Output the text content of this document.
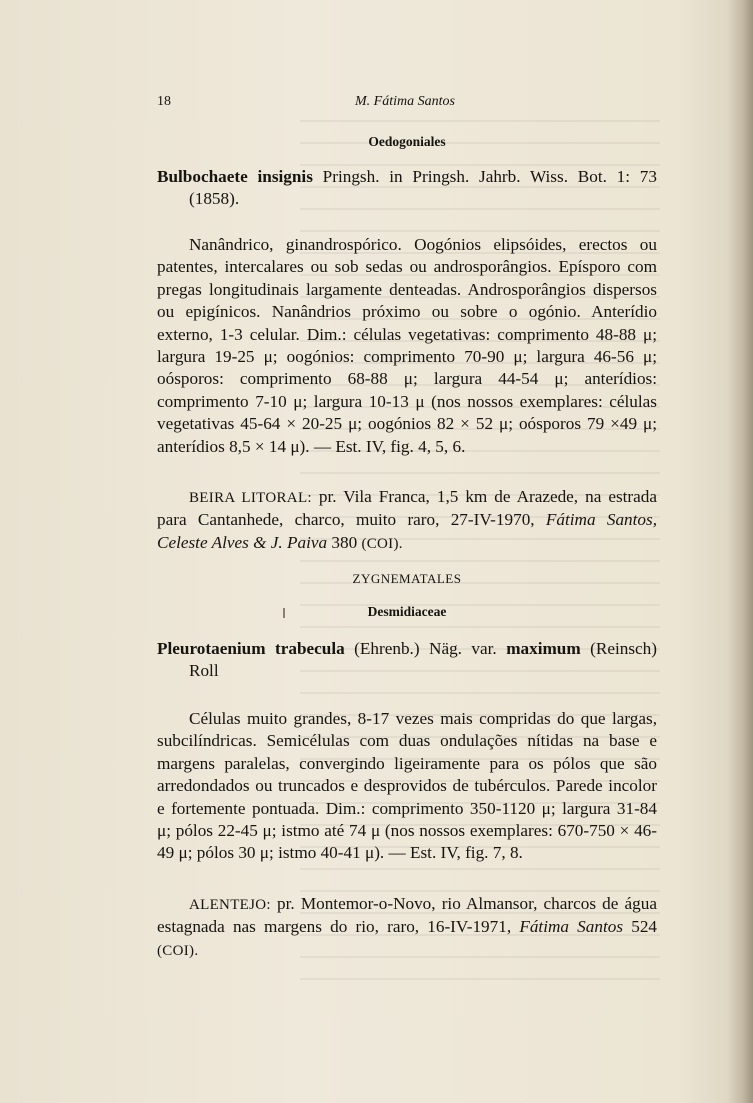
18	M. Fátima Santos
Oedogoniales
Bulbochaete insignis Pringsh. in Pringsh. Jahrb. Wiss. Bot. 1: 73 (1858).
Nanândrico, ginandrospórico. Oogónios elipsóides, erectos ou patentes, intercalares ou sob sedas ou androsporângios. Epísporo com pregas longitudinais largamente denteadas. Androsporângios dispersos ou epigínicos. Nanândrios próximo ou sobre o ogónio. Anterídio externo, 1-3 celular. Dim.: células vegetativas: comprimento 48-88 μ; largura 19-25 μ; oogónios: comprimento 70-90 μ; largura 46-56 μ; oósporos: comprimento 68-88 μ; largura 44-54 μ; anterídios: comprimento 7-10 μ; largura 10-13 μ (nos nossos exemplares: células vegetativas 45-64 × 20-25 μ; oogónios 82 × 52 μ; oósporos 79 ×49 μ; anterídios 8,5 × 14 μ). — Est. IV, fig. 4, 5, 6.
BEIRA LITORAL: pr. Vila Franca, 1,5 km de Arazede, na estrada para Cantanhede, charco, muito raro, 27-IV-1970, Fátima Santos, Celeste Alves & J. Paiva 380 (COI).
ZYGNEMATALES
Desmidiaceae
Pleurotaenium trabecula (Ehrenb.) Näg. var. maximum (Reinsch) Roll
Células muito grandes, 8-17 vezes mais compridas do que largas, subcilíndricas. Semicélulas com duas ondulações nítidas na base e margens paralelas, convergindo ligeiramente para os pólos que são arredondados ou truncados e desprovidos de tubérculos. Parede incolor e fortemente pontuada. Dim.: comprimento 350-1120 μ; largura 31-84 μ; pólos 22-45 μ; istmo até 74 μ (nos nossos exemplares: 670-750 × 46-49 μ; pólos 30 μ; istmo 40-41 μ). — Est. IV, fig. 7, 8.
ALENTEJO: pr. Montemor-o-Novo, rio Almansor, charcos de água estagnada nas margens do rio, raro, 16-IV-1971, Fátima Santos 524 (COI).
